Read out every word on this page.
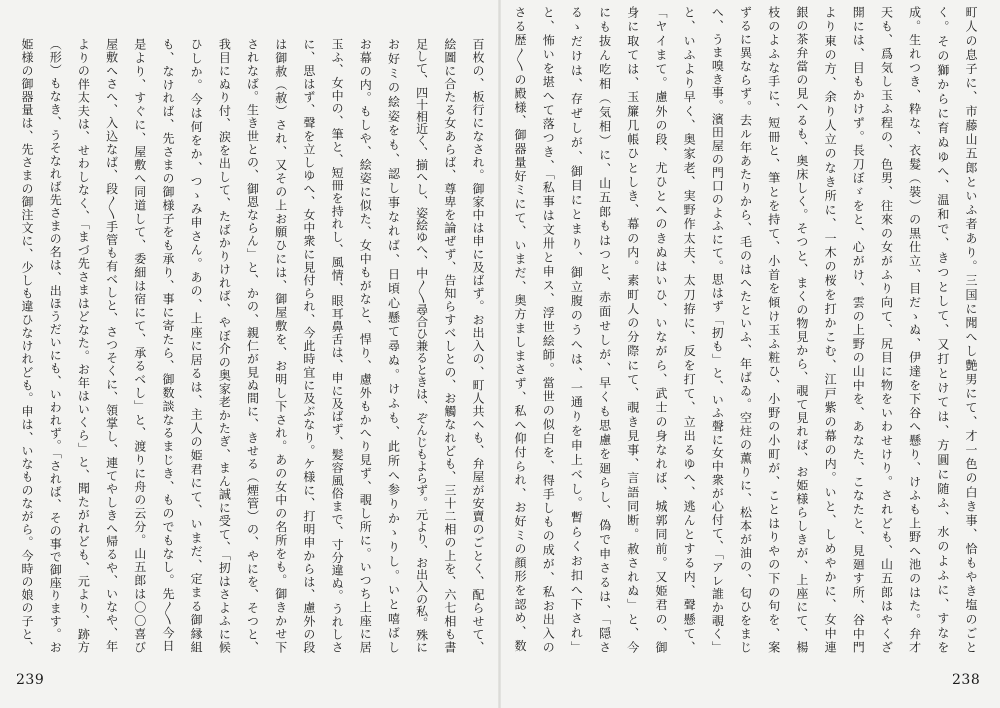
百枚の、板行になされ。御家中は申に及ばず。お出入の、町人共へも、弁屋が安賣のごとく、配らせて、
絵圖に合たる女あらば、尊卑を論ぜず、告知らすべしとの、お觸なれども、三十二相の上を、六七相も書
足して、四十相近く、揃へし、姿絵ゆへ、中〳〵尋合ひ兼るときは、ぞんじもよらず。元より、お出入の私。殊に
お好ミの絵姿をも、認し事なれば、日頃心懸て尋ぬ。けふも、此所へ参りかゝりし。いと嘻ばし
お幕の内。もしや、絵姿に似た、女中もがなと、悍り、慮外もかへり見ず、覗し所に。いつち上座に居
玉ふ、女中の、筆と、短冊を持れし、風情、眼耳鼻舌は、申に及ばず、髪容風俗まで、寸分違ぬ。うれしさ
に、思はず、聲を立しゆへ、女中衆に見付られ、今此時宜に及ぶなり。ケ様に、打明申からは、慮外の段
は御赦（赦）され、又その上お願ひには、御屋敷を、お明し下され。あの女中の名所をも。御きかせ下
されなば。生き世との、御恩ならん」と、かの、親仁が見ぬ間に、きせる（煙管）の、やにを、そつと、
我目にぬり付、涙を出して、たばかりければ、やぼ介の奥家老かたぎ、まん誠に受て、「扨はさよふに候
ひしか。今は何をか、つゝみ申さん。あの、上座に居るは、主人の姫君にて、いまだ、定まる御縁組
も、なければ、先さまの御様子をも承り、事に寄たら、御数談なるまじき、ものでもなし。先〳〵今日
是より、すぐに、屋敷へ同道して、委細は宿にて、承るべし」と、渡りに舟の云分。山五郎は〇〇喜び
屋敷へさへ、入込なば、段〳〵手管も有べしと、さつそくに、領掌し、連てやしきへ帰るや、いなや、年
よりの伴太夫は、せわしなく、「まづ先さまはどなた。お年はいくら」と、聞たがれども、元より、跡方
（形）もなき、うそなれば先さまの名は、出ほうだいにも、いわれず。「されば、その事で御座ります。お
姫様の御器量は、先さまの御注文に、少しも違ひなけれども。申は、いなものながら。今時の娘の子と、	町人の息子に、市藤山五郎といふ者あり。三国に聞へし艶男にて、才一色の白き事、恰もやき塩のごと
く。その獅からに育ぬゆへ、温和で、きつとして、又打とけては、方圓に随ふ、水のよふに、すなを
成。生れつき、粋な、衣髮（裝）の黒仕立、目だゝぬ、伊達を下谷へ懸り、けふも上野へ池のはた。弁才
天も、爲気し玉ふ程の、色男、往來の女がふり向て、尻目に物をいわせけり。されども、山五郎はやくざ
開には、目もかけず。長刀ぼゞをと、心がけ、雲の上野の山中を、あなた、こなたと、見廻す所、谷中門
より東の方、余り人立のなき所に、一木の桜を打かこむ、江戸紫の幕の内。いと、しめやかに、女中連
銀の茶弁當の見へるも、奥床しく。そつと、まくの物見から、覗て見れば、お姫様らしきが、上座にて、楊
枝のよふな手に、短冊と、筆とを持て、小首を傾け玉ふ粧ひ、小野の小町が、ことはりやの下の句を、案
ずるに異ならず。去ル年あたりから、毛のはへたといふ、年ばゐ。空炷の薫りに、松本が油の、匂ひをまじ
へ、うま嗅き事。濱田屋の門口のよふにて。思はず「扨も」と、いふ聲に女中衆が心付て、「アレ誰か覗く」
と、いふより早く、奥家老、実野作太夫、太刀拵に、反を打て、立出るゆへ、逃んとする内、聲懸て、
「ヤイまて。慮外の段、尤ひとへのきぬはいひ、いながら、武士の身なれば、城郭同前。又姫君の、御
身に取ては、玉簾几帳ひとしき、幕の内。素町人の分際にて、覗き見事、言語同断。赦されぬ」と、今
にも抜ん吃相（気相）に、山五郎もはつと、赤面せしが、早くも思慮を廻らし、偽で申さるは、「隠さ
るゝだけは、存ぜしが、御目にとまり、御立腹のうへは、一通りを申上べし。暫らくお扣へ下され」
と、怖いを堪へて落つき、「私事は文卅と申ス、浮世絵師。當世の似白を、得手しもの成が、私お出入の
さる歴〳〵の殿様、御器量好ミにて、いまだ、奥方ましまさず、私へ仰付られ、お好ミの顔形を認め、数
239	238
